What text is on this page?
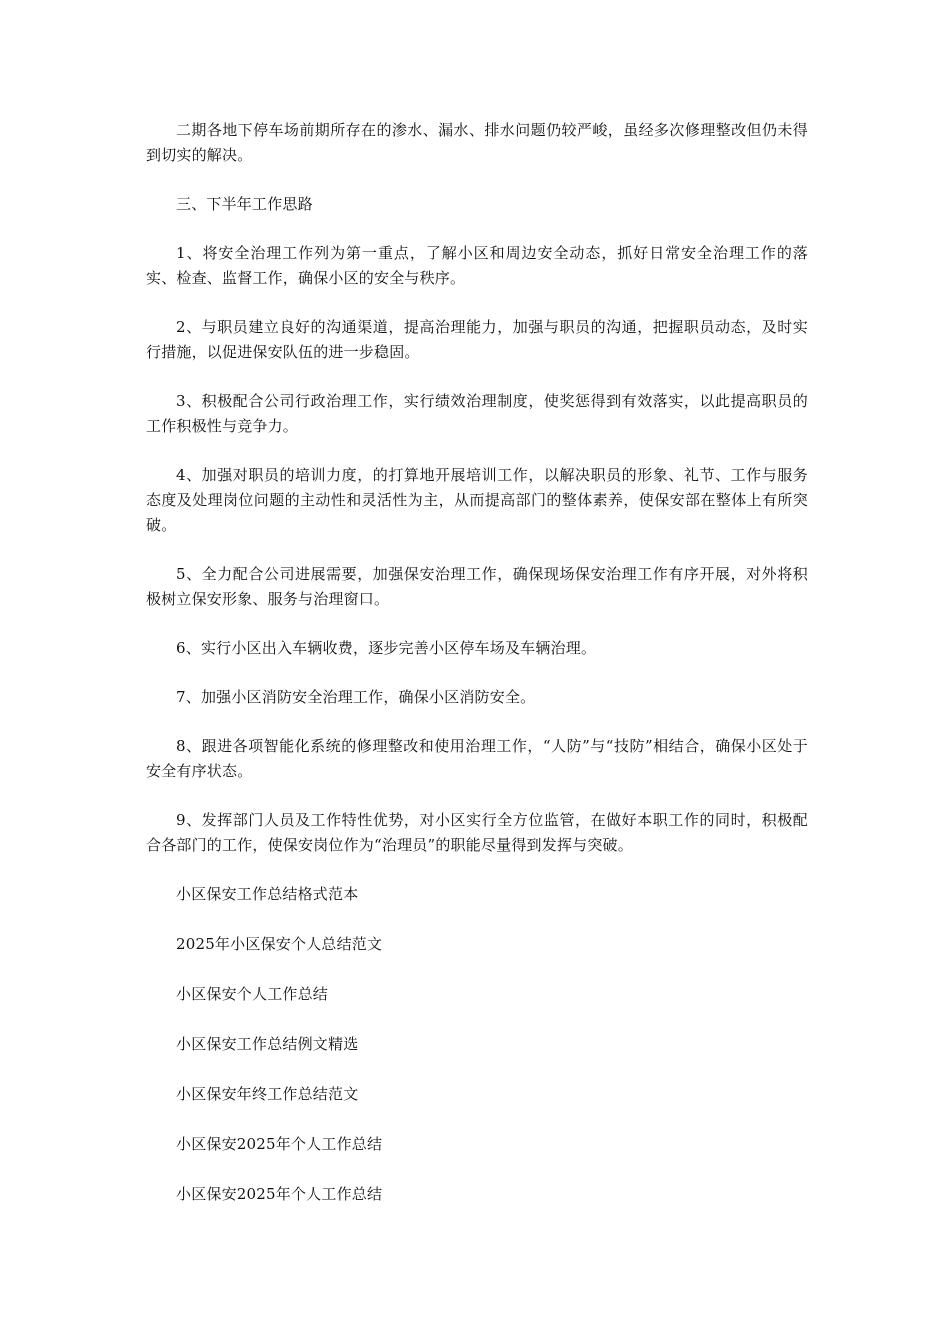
二期各地下停车场前期所存在的渗水、漏水、排水问题仍较严峻，虽经多次修理整改但仍未得到切实的解决。

三、下半年工作思路

1、将安全治理工作列为第一重点，了解小区和周边安全动态，抓好日常安全治理工作的落实、检查、监督工作，确保小区的安全与秩序。

2、与职员建立良好的沟通渠道，提高治理能力，加强与职员的沟通，把握职员动态，及时实行措施，以促进保安队伍的进一步稳固。

3、积极配合公司行政治理工作，实行绩效治理制度，使奖惩得到有效落实，以此提高职员的工作积极性与竞争力。

4、加强对职员的培训力度，的打算地开展培训工作，以解决职员的形象、礼节、工作与服务态度及处理岗位问题的主动性和灵活性为主，从而提高部门的整体素养，使保安部在整体上有所突破。

5、全力配合公司进展需要，加强保安治理工作，确保现场保安治理工作有序开展，对外将积极树立保安形象、服务与治理窗口。

6、实行小区出入车辆收费，逐步完善小区停车场及车辆治理。

7、加强小区消防安全治理工作，确保小区消防安全。

8、跟进各项智能化系统的修理整改和使用治理工作，“人防”与“技防”相结合，确保小区处于安全有序状态。

9、发挥部门人员及工作特性优势，对小区实行全方位监管，在做好本职工作的同时，积极配合各部门的工作，使保安岗位作为“治理员”的职能尽量得到发挥与突破。

小区保安工作总结格式范本

2025年小区保安个人总结范文

小区保安个人工作总结

小区保安工作总结例文精选

小区保安年终工作总结范文

小区保安2025年个人工作总结

小区保安2025年个人工作总结
